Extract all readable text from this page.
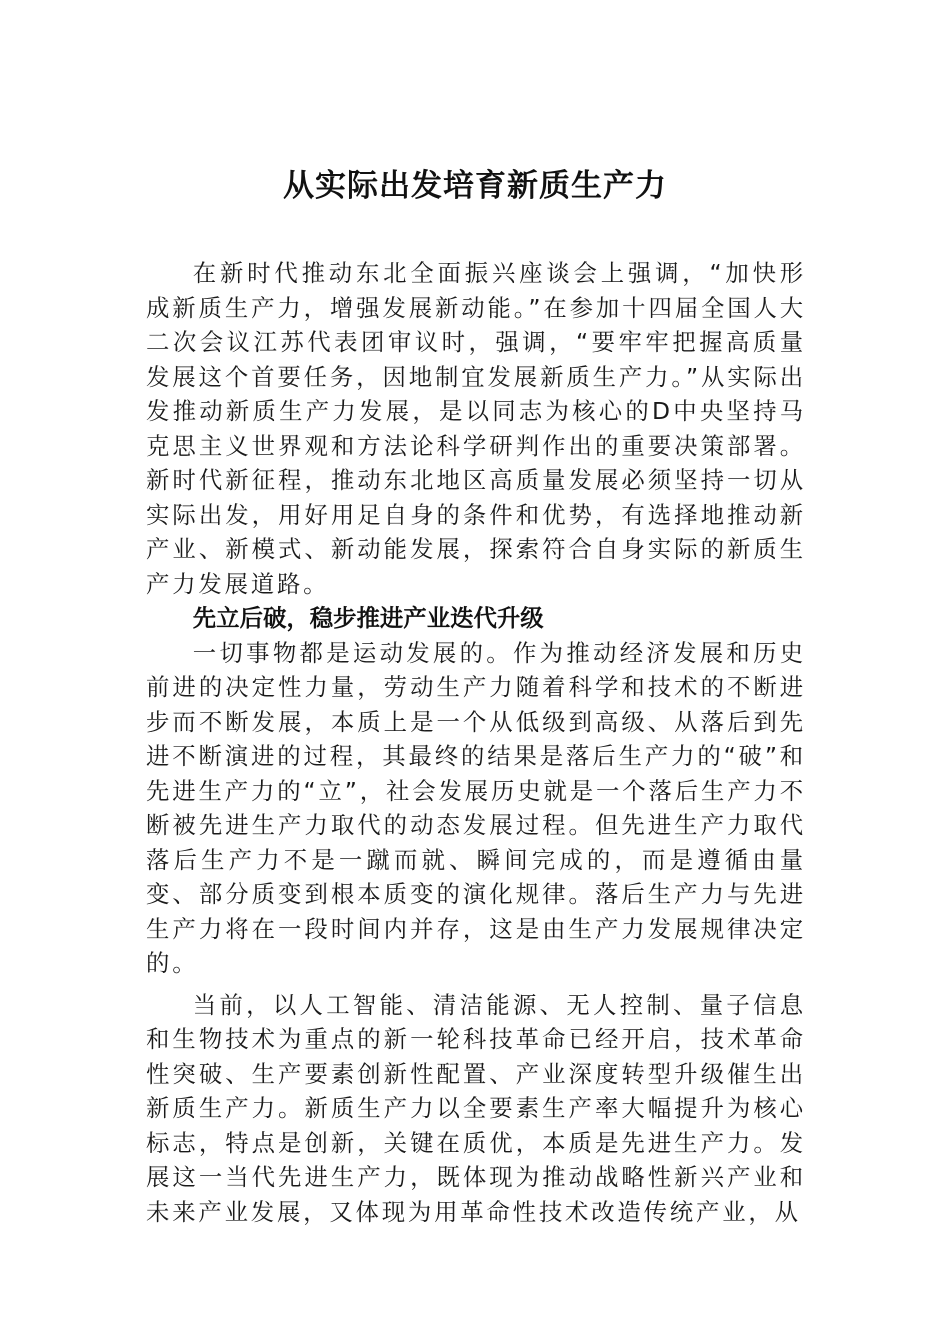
从实际出发培育新质生产力

在新时代推动东北全面振兴座谈会上强调，“加快形成新质生产力，增强发展新动能。”在参加十四届全国人大二次会议江苏代表团审议时，强调，“要牢牢把握高质量发展这个首要任务，因地制宜发展新质生产力。”从实际出发推动新质生产力发展，是以同志为核心的D中央坚持马克思主义世界观和方法论科学研判作出的重要决策部署。新时代新征程，推动东北地区高质量发展必须坚持一切从实际出发，用好用足自身的条件和优势，有选择地推动新产业、新模式、新动能发展，探索符合自身实际的新质生产力发展道路。

先立后破，稳步推进产业迭代升级

一切事物都是运动发展的。作为推动经济发展和历史前进的决定性力量，劳动生产力随着科学和技术的不断进步而不断发展，本质上是一个从低级到高级、从落后到先进不断演进的过程，其最终的结果是落后生产力的“破”和先进生产力的“立”，社会发展历史就是一个落后生产力不断被先进生产力取代的动态发展过程。但先进生产力取代落后生产力不是一蹴而就、瞬间完成的，而是遵循由量变、部分质变到根本质变的演化规律。落后生产力与先进生产力将在一段时间内并存，这是由生产力发展规律决定的。

当前，以人工智能、清洁能源、无人控制、量子信息和生物技术为重点的新一轮科技革命已经开启，技术革命性突破、生产要素创新性配置、产业深度转型升级催生出新质生产力。新质生产力以全要素生产率大幅提升为核心标志，特点是创新，关键在质优，本质是先进生产力。发展这一当代先进生产力，既体现为推动战略性新兴产业和未来产业发展，又体现为用革命性技术改造传统产业，从
